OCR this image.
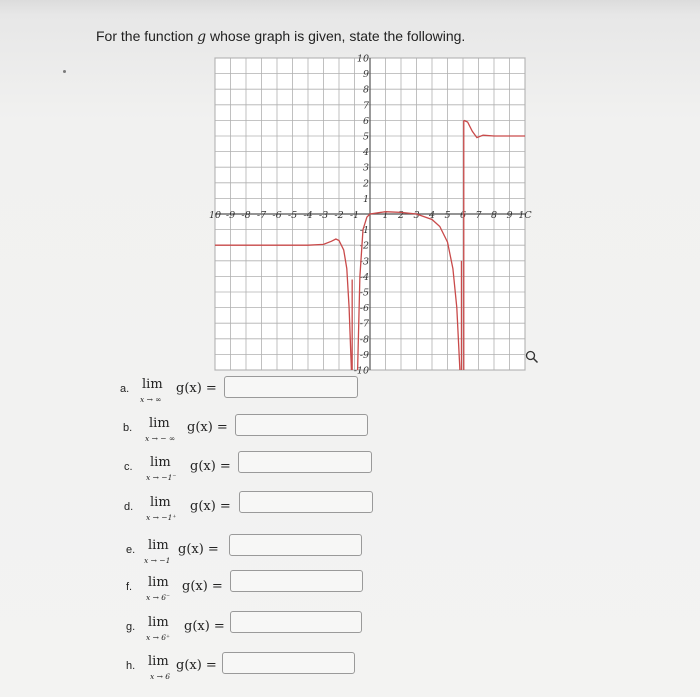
For the function g whose graph is given, state the following.
10 -9 -8 -7 -6 -5 -4 -3 -2 -1 1 2 3 4 5 6 7 8 9 1C
10
9
8
7
6
5
4
3
2
1
-1
-2
-3
-4
-5
-6
-7
-8
-9
-10
a. lim
x → ∞
g(x) =
b. lim
x → − ∞
g(x) =
c. lim
x → −1⁻
g(x) =
d. lim
x → −1⁺
g(x) =
e. lim
x → −1
g(x) =
f. lim
x → 6⁻
g(x) =
g. lim
x → 6⁺
g(x) =
h. lim
x → 6
g(x) =
